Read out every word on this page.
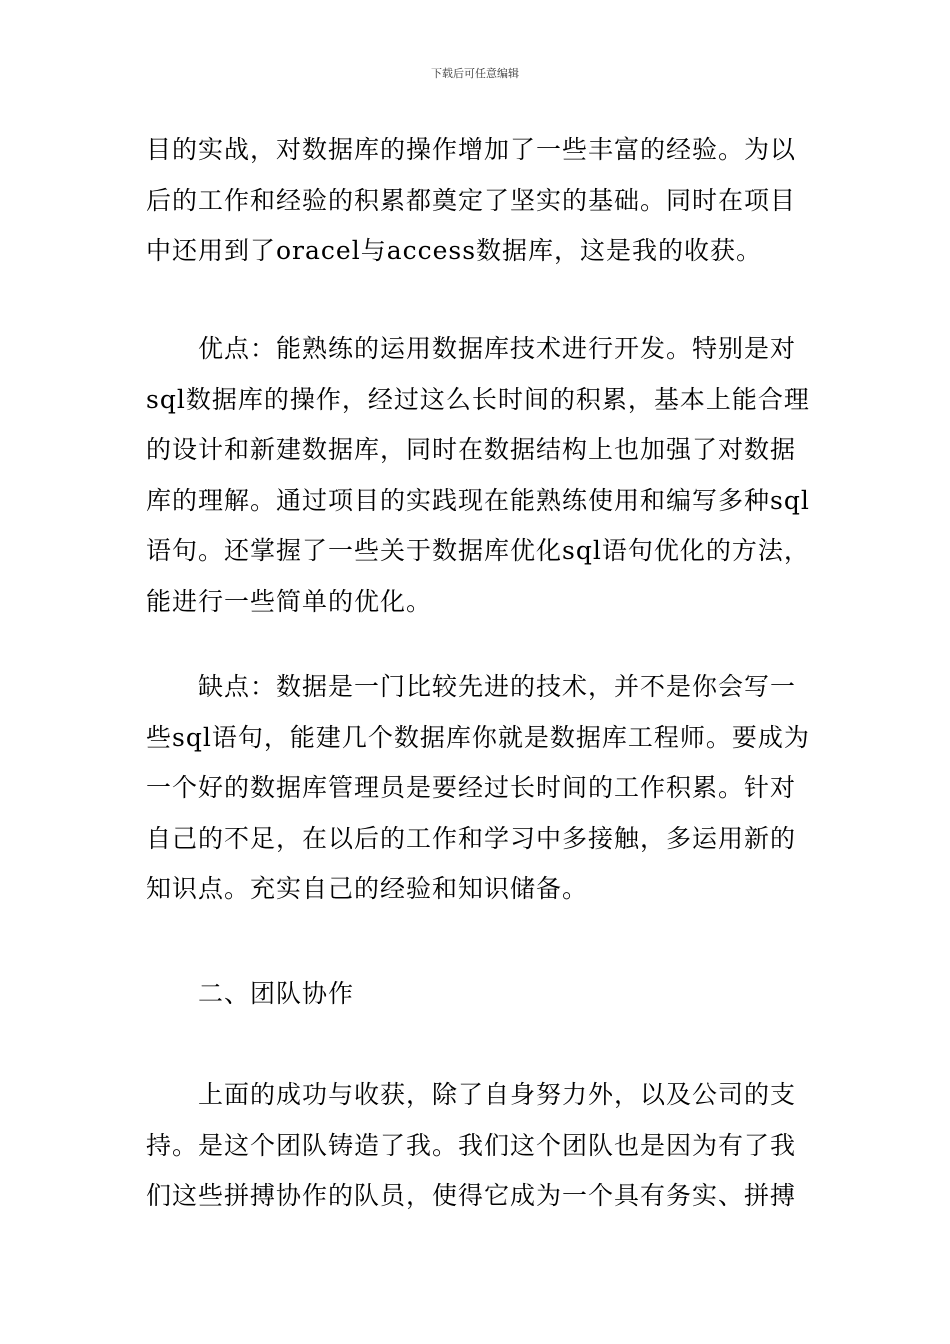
下载后可任意编辑
目的实战，对数据库的操作增加了一些丰富的经验。为以
后的工作和经验的积累都奠定了坚实的基础。同时在项目
中还用到了oracel与access数据库，这是我的收获。
优点：能熟练的运用数据库技术进行开发。特别是对
sql数据库的操作，经过这么长时间的积累，基本上能合理
的设计和新建数据库，同时在数据结构上也加强了对数据
库的理解。通过项目的实践现在能熟练使用和编写多种sql
语句。还掌握了一些关于数据库优化sql语句优化的方法，
能进行一些简单的优化。
缺点：数据是一门比较先进的技术，并不是你会写一
些sql语句，能建几个数据库你就是数据库工程师。要成为
一个好的数据库管理员是要经过长时间的工作积累。针对
自己的不足，在以后的工作和学习中多接触，多运用新的
知识点。充实自己的经验和知识储备。
二、团队协作
上面的成功与收获，除了自身努力外，以及公司的支
持。是这个团队铸造了我。我们这个团队也是因为有了我
们这些拼搏协作的队员，使得它成为一个具有务实、拼搏
